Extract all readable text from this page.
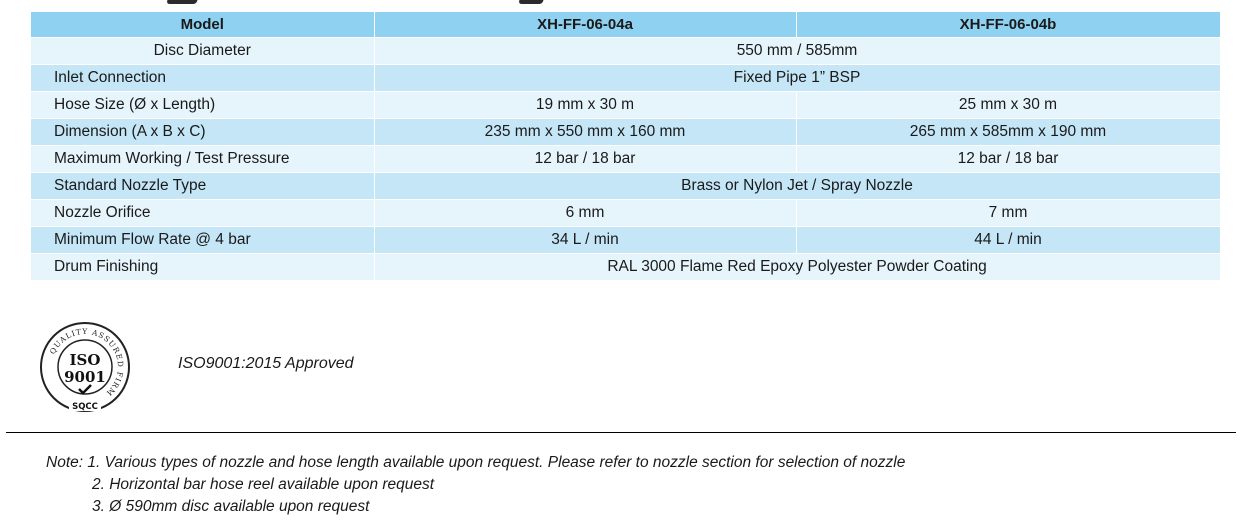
Model	XH-FF-06-04a	XH-FF-06-04b
Disc Diameter	550 mm / 585mm	
Inlet Connection	Fixed Pipe 1” BSP	
Hose Size (Ø x Length)	19 mm x 30 m	25 mm x 30 m
Dimension (A x B x C)	235 mm x 550 mm x 160 mm	265 mm x 585mm x 190 mm
Maximum Working / Test Pressure	12 bar / 18 bar	12 bar / 18 bar
Standard Nozzle Type	Brass or Nylon Jet / Spray Nozzle	
Nozzle Orifice	6 mm	7 mm
Minimum Flow Rate @ 4 bar	34 L / min	44 L / min
Drum Finishing	RAL 3000 Flame Red Epoxy Polyester Powder Coating	
QUALITY ASSURED FIRM
ISO
9001
SQCC
ISO9001:2015 Approved
Note: 1. Various types of nozzle and hose length available upon request. Please refer to nozzle section for selection of nozzle
2. Horizontal bar hose reel available upon request
3. Ø 590mm disc available upon request
